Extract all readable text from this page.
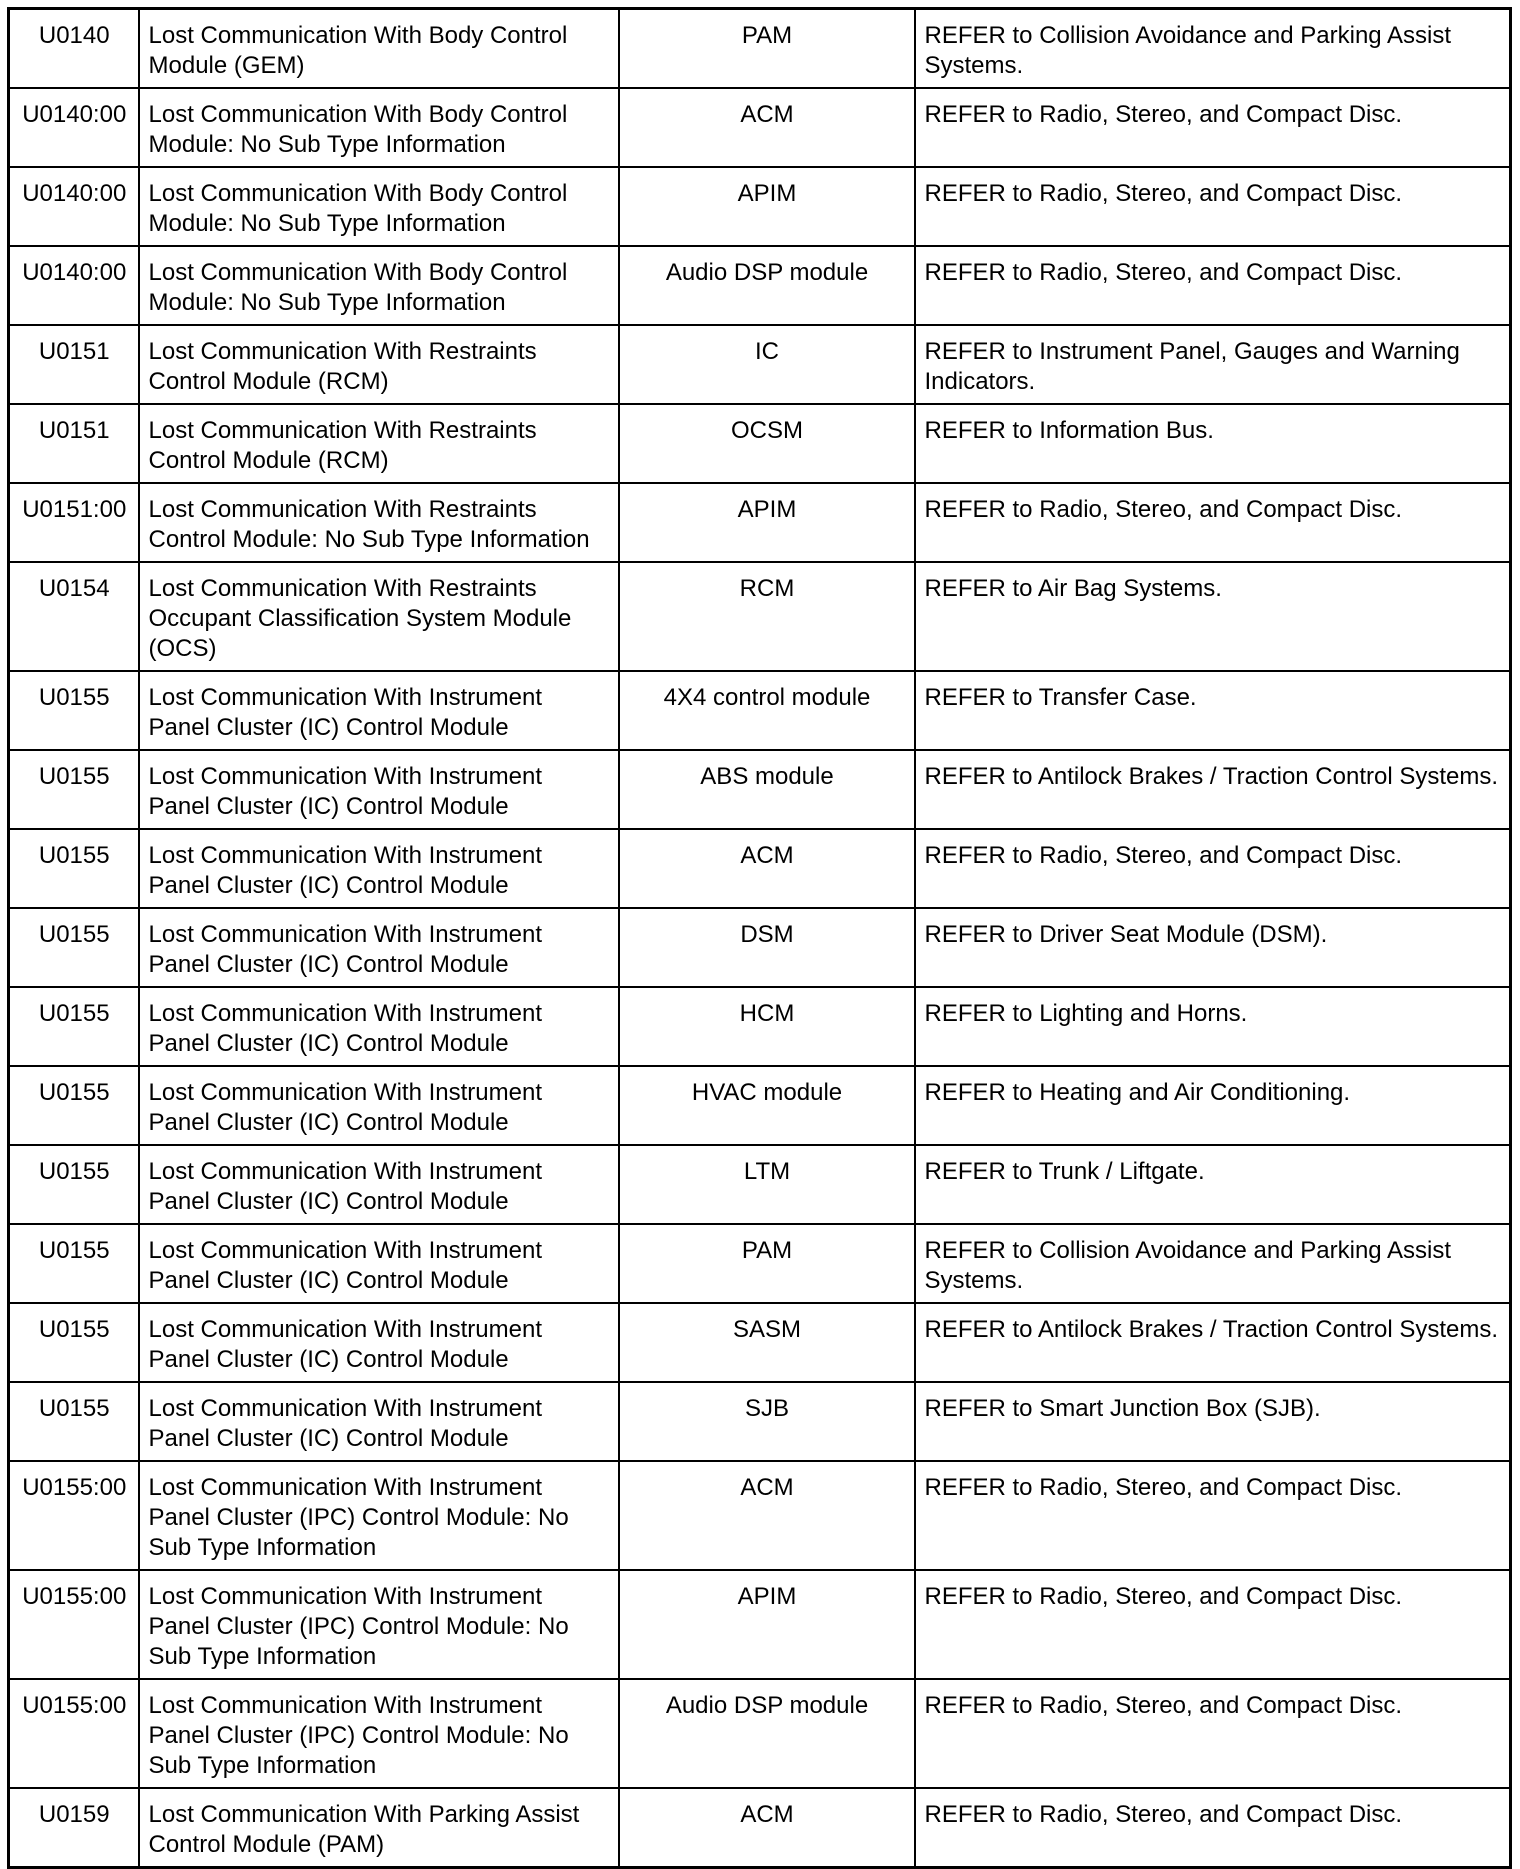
U0140	Lost Communication With Body Control Module (GEM)	PAM	REFER to Collision Avoidance and Parking Assist Systems.
U0140:00	Lost Communication With Body Control Module: No Sub Type Information	ACM	REFER to Radio, Stereo, and Compact Disc.
U0140:00	Lost Communication With Body Control Module: No Sub Type Information	APIM	REFER to Radio, Stereo, and Compact Disc.
U0140:00	Lost Communication With Body Control Module: No Sub Type Information	Audio DSP module	REFER to Radio, Stereo, and Compact Disc.
U0151	Lost Communication With Restraints Control Module (RCM)	IC	REFER to Instrument Panel, Gauges and Warning Indicators.
U0151	Lost Communication With Restraints Control Module (RCM)	OCSM	REFER to Information Bus.
U0151:00	Lost Communication With Restraints Control Module: No Sub Type Information	APIM	REFER to Radio, Stereo, and Compact Disc.
U0154	Lost Communication With Restraints Occupant Classification System Module (OCS)	RCM	REFER to Air Bag Systems.
U0155	Lost Communication With Instrument Panel Cluster (IC) Control Module	4X4 control module	REFER to Transfer Case.
U0155	Lost Communication With Instrument Panel Cluster (IC) Control Module	ABS module	REFER to Antilock Brakes / Traction Control Systems.
U0155	Lost Communication With Instrument Panel Cluster (IC) Control Module	ACM	REFER to Radio, Stereo, and Compact Disc.
U0155	Lost Communication With Instrument Panel Cluster (IC) Control Module	DSM	REFER to Driver Seat Module (DSM).
U0155	Lost Communication With Instrument Panel Cluster (IC) Control Module	HCM	REFER to Lighting and Horns.
U0155	Lost Communication With Instrument Panel Cluster (IC) Control Module	HVAC module	REFER to Heating and Air Conditioning.
U0155	Lost Communication With Instrument Panel Cluster (IC) Control Module	LTM	REFER to Trunk / Liftgate.
U0155	Lost Communication With Instrument Panel Cluster (IC) Control Module	PAM	REFER to Collision Avoidance and Parking Assist Systems.
U0155	Lost Communication With Instrument Panel Cluster (IC) Control Module	SASM	REFER to Antilock Brakes / Traction Control Systems.
U0155	Lost Communication With Instrument Panel Cluster (IC) Control Module	SJB	REFER to Smart Junction Box (SJB).
U0155:00	Lost Communication With Instrument Panel Cluster (IPC) Control Module: No Sub Type Information	ACM	REFER to Radio, Stereo, and Compact Disc.
U0155:00	Lost Communication With Instrument Panel Cluster (IPC) Control Module: No Sub Type Information	APIM	REFER to Radio, Stereo, and Compact Disc.
U0155:00	Lost Communication With Instrument Panel Cluster (IPC) Control Module: No Sub Type Information	Audio DSP module	REFER to Radio, Stereo, and Compact Disc.
U0159	Lost Communication With Parking Assist Control Module (PAM)	ACM	REFER to Radio, Stereo, and Compact Disc.
